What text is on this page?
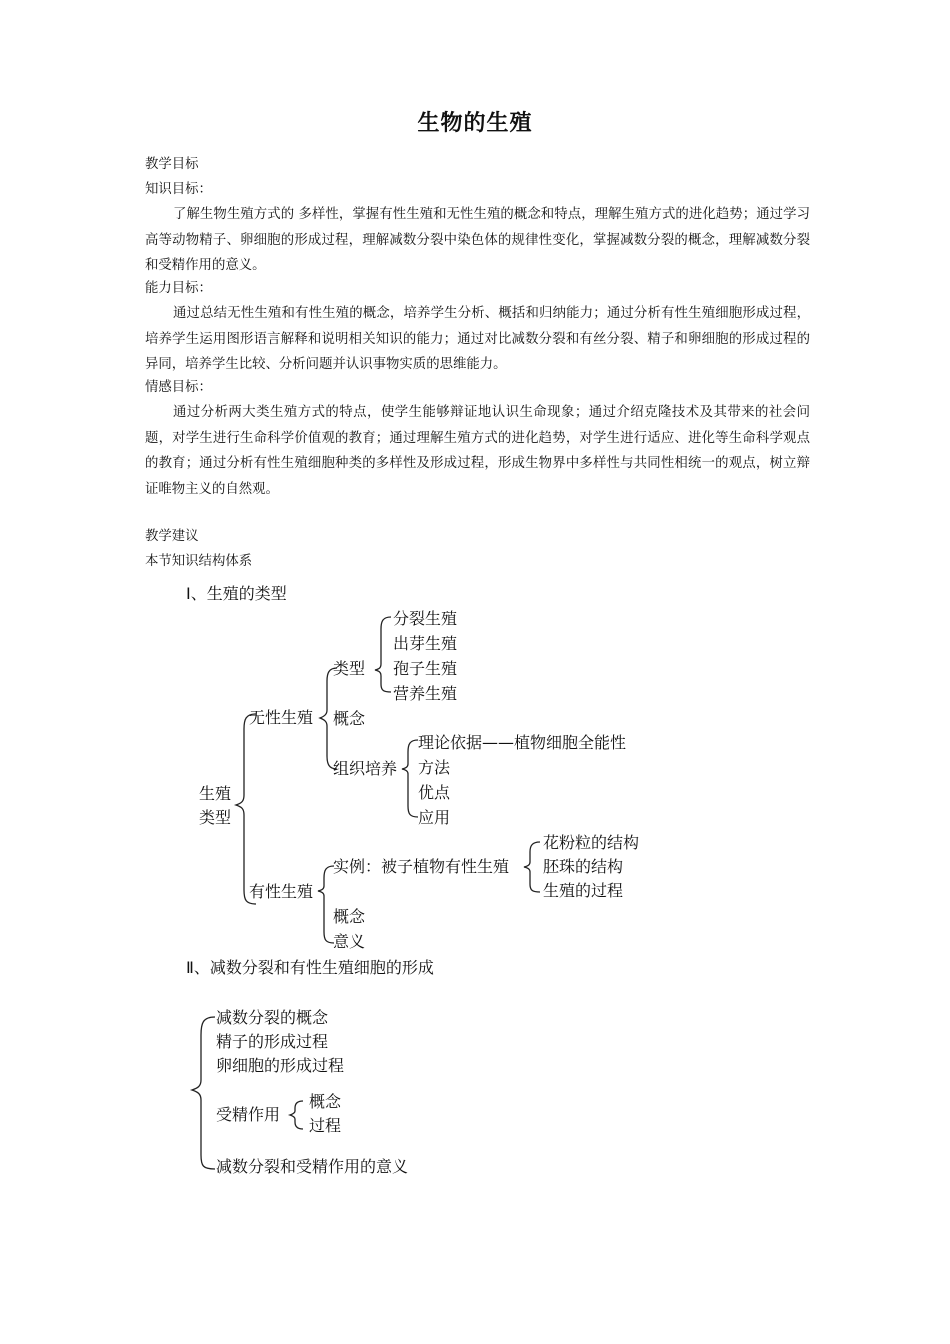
生物的生殖
教学目标
知识目标：
了解生物生殖方式的 多样性，掌握有性生殖和无性生殖的概念和特点，理解生殖方式的进化趋势；通过学习高等动物精子、卵细胞的形成过程，理解减数分裂中染色体的规律性变化，掌握减数分裂的概念，理解减数分裂和受精作用的意义。
能力目标：
通过总结无性生殖和有性生殖的概念，培养学生分析、概括和归纳能力；通过分析有性生殖细胞形成过程，培养学生运用图形语言解释和说明相关知识的能力；通过对比减数分裂和有丝分裂、精子和卵细胞的形成过程的异同，培养学生比较、分析问题并认识事物实质的思维能力。
情感目标：
通过分析两大类生殖方式的特点，使学生能够辩证地认识生命现象；通过介绍克隆技术及其带来的社会问题，对学生进行生命科学价值观的教育；通过理解生殖方式的进化趋势，对学生进行适应、进化等生命科学观点的教育；通过分析有性生殖细胞种类的多样性及形成过程，形成生物界中多样性与共同性相统一的观点，树立辩证唯物主义的自然观。
教学建议
本节知识结构体系
Ⅰ、生殖的类型
生殖
类型
无性生殖
类型
分裂生殖
出芽生殖
孢子生殖
营养生殖
概念
组织培养
理论依据——植物细胞全能性
方法
优点
应用
有性生殖
实例：被子植物有性生殖
花粉粒的结构
胚珠的结构
生殖的过程
概念
意义
Ⅱ、减数分裂和有性生殖细胞的形成
减数分裂的概念
精子的形成过程
卵细胞的形成过程
受精作用
概念
过程
减数分裂和受精作用的意义
